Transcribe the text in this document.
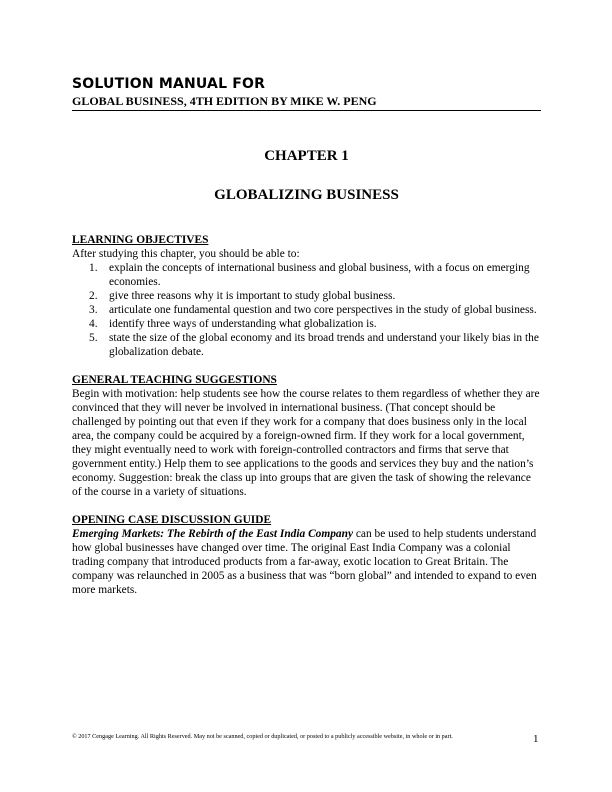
SOLUTION MANUAL FOR
GLOBAL BUSINESS, 4TH EDITION BY MIKE W. PENG
CHAPTER 1
GLOBALIZING BUSINESS
LEARNING OBJECTIVES
After studying this chapter, you should be able to:
1. explain the concepts of international business and global business, with a focus on emerging economies.
2. give three reasons why it is important to study global business.
3. articulate one fundamental question and two core perspectives in the study of global business.
4. identify three ways of understanding what globalization is.
5. state the size of the global economy and its broad trends and understand your likely bias in the globalization debate.
GENERAL TEACHING SUGGESTIONS
Begin with motivation: help students see how the course relates to them regardless of whether they are convinced that they will never be involved in international business. (That concept should be challenged by pointing out that even if they work for a company that does business only in the local area, the company could be acquired by a foreign-owned firm. If they work for a local government, they might eventually need to work with foreign-controlled contractors and firms that serve that government entity.) Help them to see applications to the goods and services they buy and the nation’s economy. Suggestion: break the class up into groups that are given the task of showing the relevance of the course in a variety of situations.
OPENING CASE DISCUSSION GUIDE
Emerging Markets: The Rebirth of the East India Company can be used to help students understand how global businesses have changed over time. The original East India Company was a colonial trading company that introduced products from a far-away, exotic location to Great Britain. The company was relaunched in 2005 as a business that was “born global” and intended to expand to even more markets.
© 2017 Cengage Learning. All Rights Reserved. May not be scanned, copied or duplicated, or posted to a publicly accessible website, in whole or in part.	1
